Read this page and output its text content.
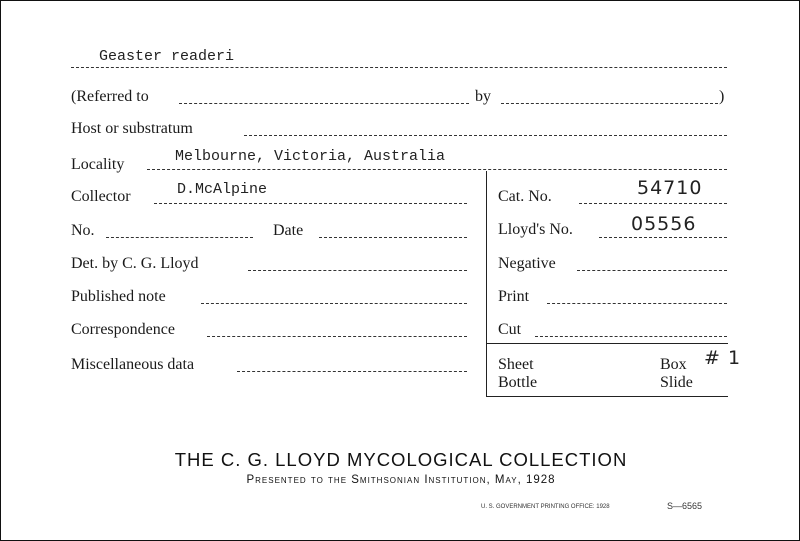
Geaster readeri
(Referred to	by	)
Host or substratum
Locality	Melbourne, Victoria, Australia
Collector	D.McAlpine	Cat. No.	54710
No.	Date	Lloyd's No.	05556
Det. by C. G. Lloyd	Negative
Published note	Print
Correspondence	Cut
Miscellaneous data	Sheet	Box # 1
Bottle	Slide
THE C. G. LLOYD MYCOLOGICAL COLLECTION
Presented to the Smithsonian Institution, May, 1928
U. S. GOVERNMENT PRINTING OFFICE: 1928	S—6565
